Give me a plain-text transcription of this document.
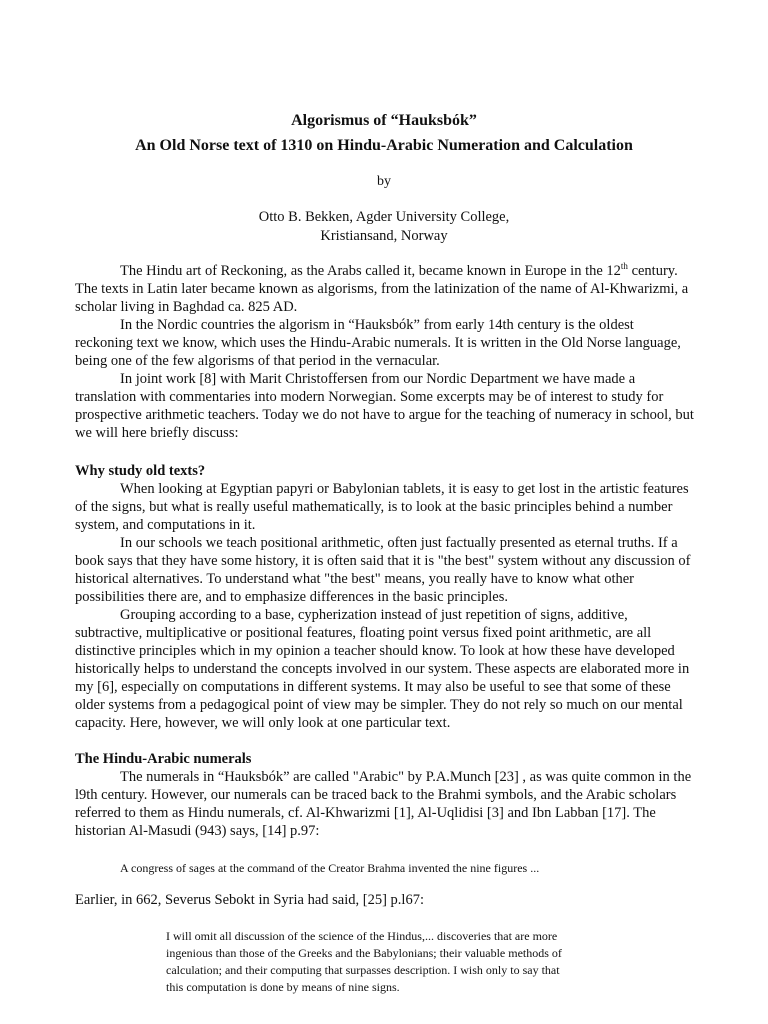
Algorismus of “Hauksbók”
An Old Norse text of 1310 on Hindu-Arabic Numeration and Calculation
by
Otto B. Bekken, Agder University College,
Kristiansand, Norway

The Hindu art of Reckoning, as the Arabs called it, became known in Europe in the 12th century. The texts in Latin later became known as algorisms, from the latinization of the name of Al-Khwarizmi, a scholar living in Baghdad ca. 825 AD.

In the Nordic countries the algorism in “Hauksbók” from early 14th century is the oldest reckoning text we know, which uses the Hindu-Arabic numerals. It is written in the Old Norse language, being one of the few algorisms of that period in the vernacular.

In joint work [8] with Marit Christoffersen from our Nordic Department we have made a translation with commentaries into modern Norwegian. Some excerpts may be of interest to study for prospective arithmetic teachers. Today we do not have to argue for the teaching of numeracy in school, but we will here briefly discuss:

Why study old texts?

When looking at Egyptian papyri or Babylonian tablets, it is easy to get lost in the artistic features of the signs, but what is really useful mathematically, is to look at the basic principles behind a number system, and computations in it.

In our schools we teach positional arithmetic, often just factually presented as eternal truths. If a book says that they have some history, it is often said that it is "the best" system without any discussion of historical alternatives. To understand what "the best" means, you really have to know what other possibilities there are, and to emphasize differences in the basic principles.

Grouping according to a base, cypherization instead of just repetition of signs, additive, subtractive, multiplicative or positional features, floating point versus fixed point arithmetic, are all distinctive principles which in my opinion a teacher should know. To look at how these have developed historically helps to understand the concepts involved in our system. These aspects are elaborated more in my [6], especially on computations in different systems. It may also be useful to see that some of these older systems from a pedagogical point of view may be simpler. They do not rely so much on our mental capacity. Here, however, we will only look at one particular text.

The Hindu-Arabic numerals

The numerals in “Hauksbók” are called "Arabic" by P.A.Munch [23] , as was quite common in the l9th century. However, our numerals can be traced back to the Brahmi symbols, and the Arabic scholars referred to them as Hindu numerals, cf. Al-Khwarizmi [1], Al-Uqlidisi [3] and Ibn Labban [17]. The historian Al-Masudi (943) says, [14] p.97:

A congress of sages at the command of the Creator Brahma invented the nine figures ...
Earlier, in 662, Severus Sebokt in Syria had said, [25] p.l67:
I will omit all discussion of the science of the Hindus,... discoveries that are more ingenious than those of the Greeks and the Babylonians; their valuable methods of calculation; and their computing that surpasses description. I wish only to say that this computation is done by means of nine signs.
